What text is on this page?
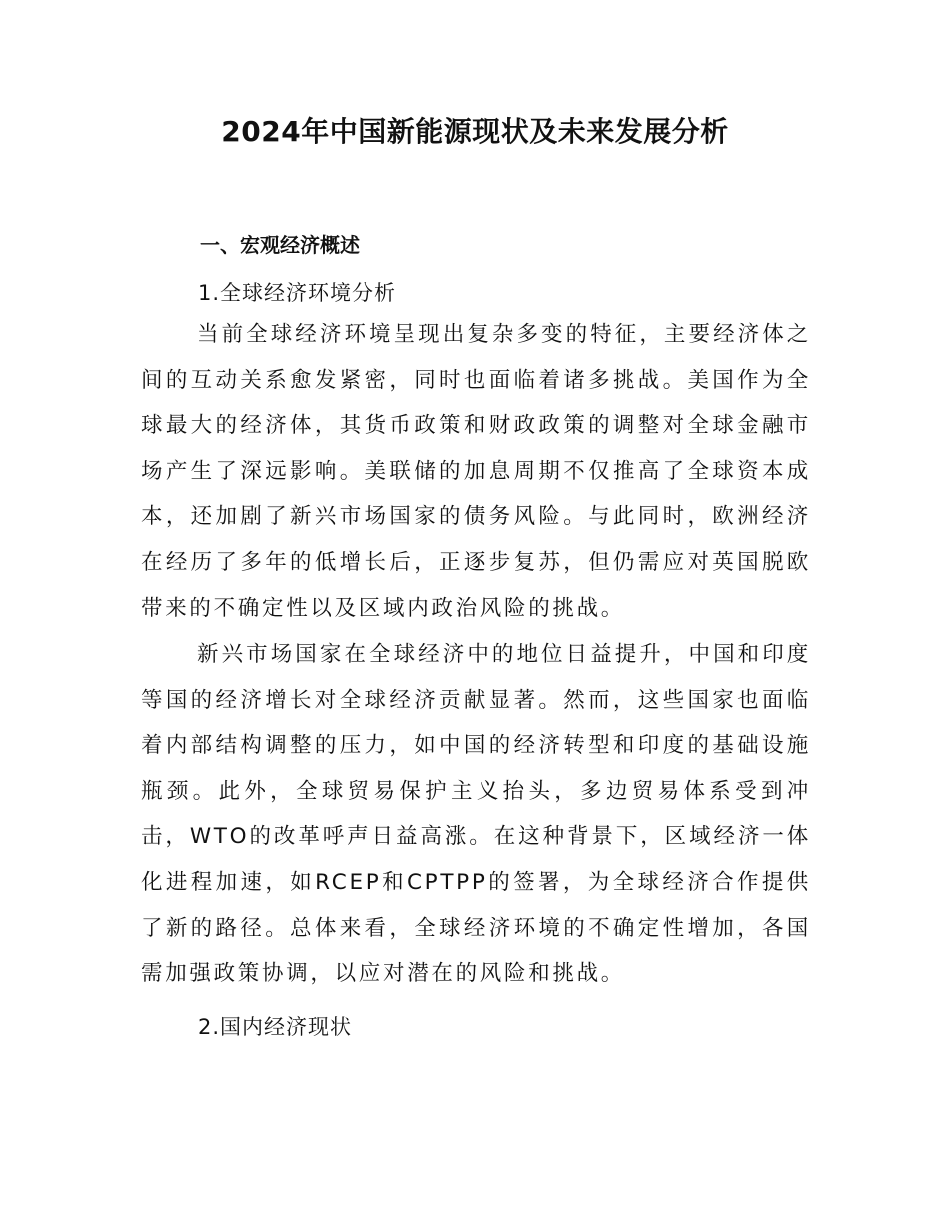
2024年中国新能源现状及未来发展分析
一、宏观经济概述
1.全球经济环境分析

当前全球经济环境呈现出复杂多变的特征，主要经济体之间的互动关系愈发紧密，同时也面临着诸多挑战。美国作为全球最大的经济体，其货币政策和财政政策的调整对全球金融市场产生了深远影响。美联储的加息周期不仅推高了全球资本成本，还加剧了新兴市场国家的债务风险。与此同时，欧洲经济在经历了多年的低增长后，正逐步复苏，但仍需应对英国脱欧带来的不确定性以及区域内政治风险的挑战。

新兴市场国家在全球经济中的地位日益提升，中国和印度等国的经济增长对全球经济贡献显著。然而，这些国家也面临着内部结构调整的压力，如中国的经济转型和印度的基础设施瓶颈。此外，全球贸易保护主义抬头，多边贸易体系受到冲击，WTO的改革呼声日益高涨。在这种背景下，区域经济一体化进程加速，如RCEP和CPTPP的签署，为全球经济合作提供了新的路径。总体来看，全球经济环境的不确定性增加，各国需加强政策协调，以应对潜在的风险和挑战。

2.国内经济现状
